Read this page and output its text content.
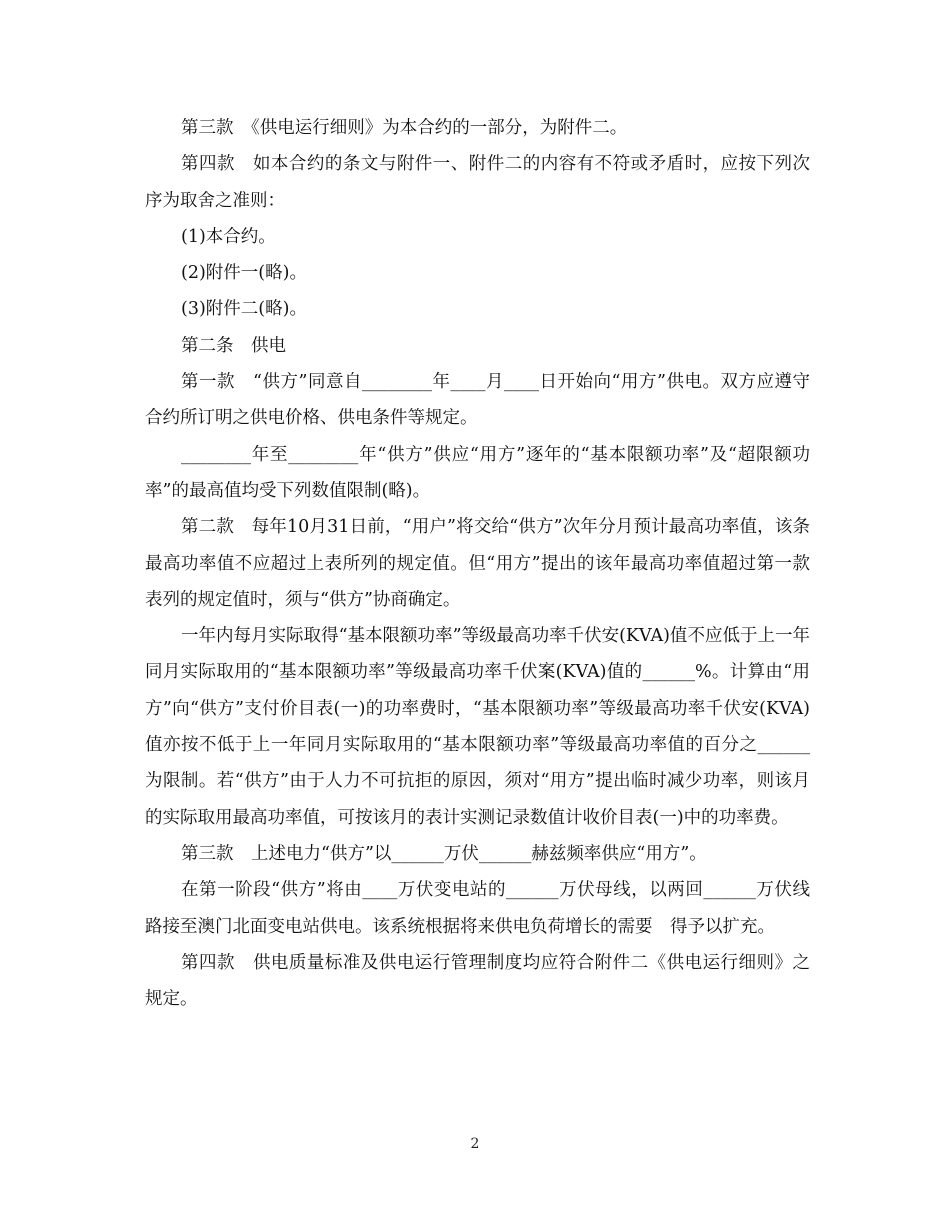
第三款　《供电运行细则》为本合约的一部分，为附件二。

第四款　如本合约的条文与附件一、附件二的内容有不符或矛盾时，应按下列次序为取舍之准则：

(1)本合约。

(2)附件一(略)。

(3)附件二(略)。

第二条　供电

第一款　“供方”同意自________年____月____日开始向“用方”供电。双方应遵守合约所订明之供电价格、供电条件等规定。

________年至________年“供方”供应“用方”逐年的“基本限额功率”及“超限额功率”的最高值均受下列数值限制(略)。

第二款　每年10月31日前，“用户”将交给“供方”次年分月预计最高功率值，该条最高功率值不应超过上表所列的规定值。但“用方”提出的该年最高功率值超过第一款表列的规定值时，须与“供方”协商确定。

一年内每月实际取得“基本限额功率”等级最高功率千伏安(KVA)值不应低于上一年同月实际取用的“基本限额功率”等级最高功率千伏案(KVA)值的______%。计算由“用方”向“供方”支付价目表(一)的功率费时，“基本限额功率”等级最高功率千伏安(KVA)值亦按不低于上一年同月实际取用的“基本限额功率”等级最高功率值的百分之______为限制。若“供方”由于人力不可抗拒的原因，须对“用方”提出临时减少功率，则该月的实际取用最高功率值，可按该月的表计实测记录数值计收价目表(一)中的功率费。

第三款　上述电力“供方”以______万伏______赫兹频率供应“用方”。

在第一阶段“供方”将由____万伏变电站的______万伏母线，以两回______万伏线路接至澳门北面变电站供电。该系统根据将来供电负荷增长的需要　得予以扩充。

第四款　供电质量标准及供电运行管理制度均应符合附件二《供电运行细则》之规定。

2
